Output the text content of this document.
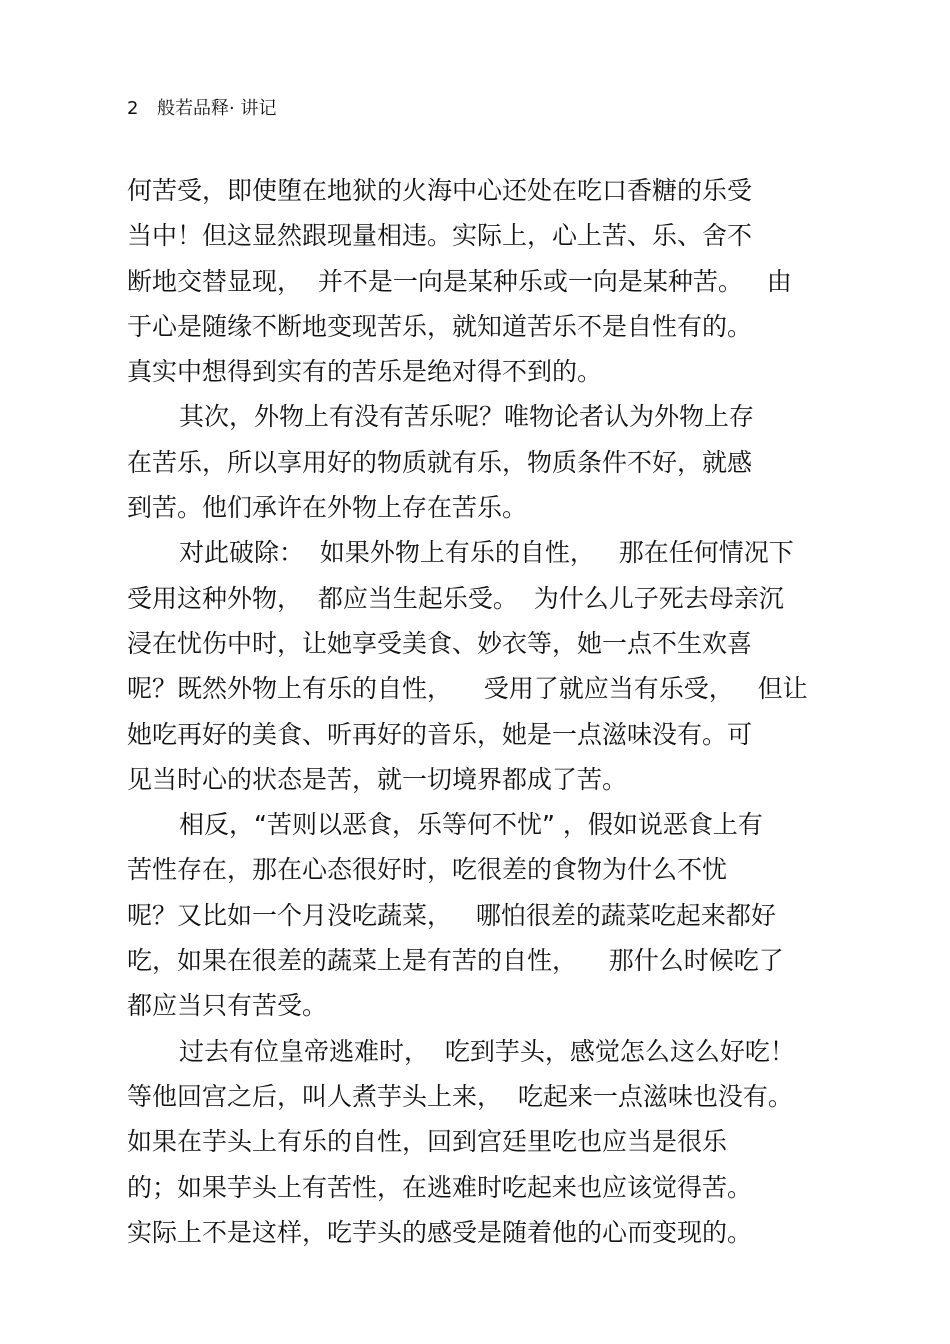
2 般若品释· 讲记
何苦受，即使堕在地狱的火海中心还处在吃口香糖的乐受
当中！但这显然跟现量相违。实际上，心上苦、乐、舍不
断地交替显现，  并不是一向是某种乐或一向是某种苦。   由
于心是随缘不断地变现苦乐，就知道苦乐不是自性有的。
真实中想得到实有的苦乐是绝对得不到的。
其次，外物上有没有苦乐呢？唯物论者认为外物上存
在苦乐，所以享用好的物质就有乐，物质条件不好，就感
到苦。他们承许在外物上存在苦乐。
对此破除：  如果外物上有乐的自性，   那在任何情况下
受用这种外物，  都应当生起乐受。  为什么儿子死去母亲沉
浸在忧伤中时，让她享受美食、妙衣等，她一点不生欢喜
呢？既然外物上有乐的自性，    受用了就应当有乐受，   但让
她吃再好的美食、听再好的音乐，她是一点滋味没有。可
见当时心的状态是苦，就一切境界都成了苦。
相反，“苦则以恶食，乐等何不忧” ，假如说恶食上有
苦性存在，那在心态很好时，吃很差的食物为什么不忧
呢？又比如一个月没吃蔬菜，   哪怕很差的蔬菜吃起来都好
吃，如果在很差的蔬菜上是有苦的自性，    那什么时候吃了
都应当只有苦受。
过去有位皇帝逃难时，  吃到芋头，感觉怎么这么好吃！
等他回宫之后，叫人煮芋头上来，  吃起来一点滋味也没有。
如果在芋头上有乐的自性，回到宫廷里吃也应当是很乐
的；如果芋头上有苦性，在逃难时吃起来也应该觉得苦。
实际上不是这样，吃芋头的感受是随着他的心而变现的。
